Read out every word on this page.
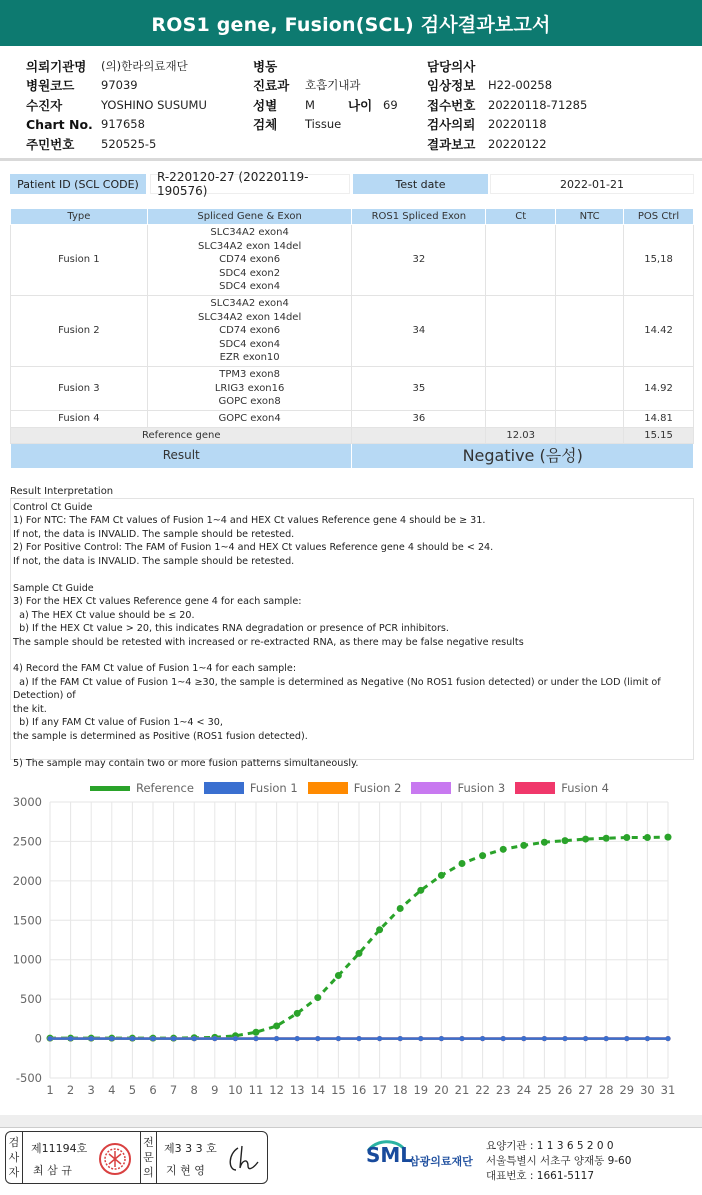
ROS1 gene, Fusion(SCL) 검사결과보고서
의뢰기관명	(의)한라의료재단
병원코드	97039
수진자	YOSHINO SUSUMU
Chart No. 917658
주민번호	520525-5
병동
진료과	호흡기내과
성별	M	나이 69
검체	Tissue
담당의사
임상정보	H22-00258
접수번호	20220118-71285
검사의뢰	20220118
결과보고	20220122
Patient ID (SCL CODE)	R-220120-27 (20220119-190576)	Test date	2022-01-21
Type	Spliced Gene & Exon	ROS1 Spliced Exon	Ct	NTC	POS Ctrl
Fusion 1	SLC34A2 exon4
SLC34A2 exon 14del
CD74 exon6
SDC4 exon2
SDC4 exon4	32			15,18
Fusion 2	SLC34A2 exon4
SLC34A2 exon 14del
CD74 exon6
SDC4 exon4
EZR exon10	34			14.42
Fusion 3	TPM3 exon8
LRIG3 exon16
GOPC exon8	35			14.92
Fusion 4	GOPC exon4	36			14.81
Reference gene			12.03		15.15
Result		Negative (음성)			
Result Interpretation

Control Ct Guide

1) For NTC: The FAM Ct values of Fusion 1~4 and HEX Ct values Reference gene 4 should be ≥ 31.

If not, the data is INVALID. The sample should be retested.

2) For Positive Control: The FAM of Fusion 1~4 and HEX Ct values Reference gene 4 should be < 24.

If not, the data is INVALID. The sample should be retested.

Sample Ct Guide

3) For the HEX Ct values Reference gene 4 for each sample:

a) The HEX Ct value should be ≤ 20.

b) If the HEX Ct value > 20, this indicates RNA degradation or presence of PCR inhibitors.

The sample should be retested with increased or re-extracted RNA, as there may be false negative results

4) Record the FAM Ct value of Fusion 1~4 for each sample:

a) If the FAM Ct value of Fusion 1~4 ≥30, the sample is determined as Negative (No ROS1 fusion detected) or under the LOD (limit of Detection) of

the kit.

b) If any FAM Ct value of Fusion 1~4 < 30,

the sample is determined as Positive (ROS1 fusion detected).

5) The sample may contain two or more fusion patterns simultaneously.

Reference	Fusion 1	Fusion 2	Fusion 3	Fusion 4
-500
0
500
1000
1500
2000
2500
3000
1 2 3 4 5 6 7 8 9 10 11 12 13 14 15 16 17 18 19 20 21 22 23 24 25 26 27 28 29 30 31
검
사
자
제11194호
최 삼 규
전
문
의
제3 3 3 호
지 현 영
SML
삼광의료재단
요양기관 : 1 1 3 6 5 2 0 0
서울특별시 서초구 양재동 9-60
대표번호 : 1661-5117
